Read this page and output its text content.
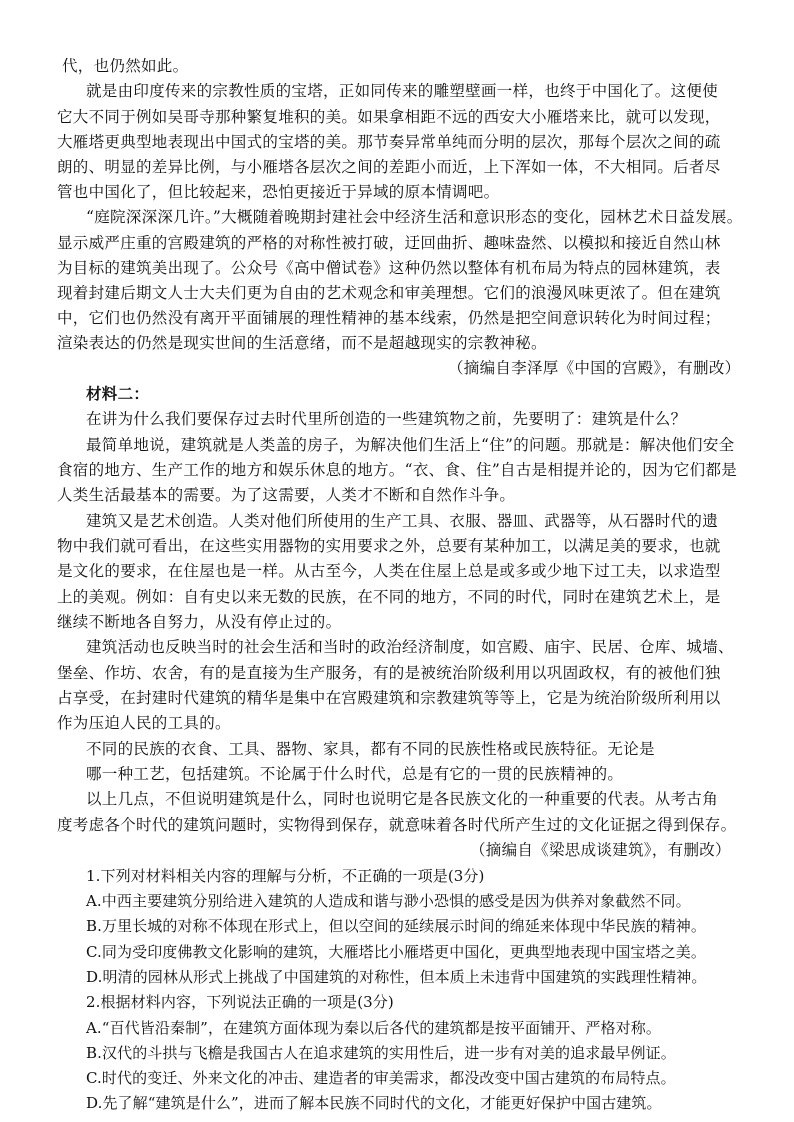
代，也仍然如此。
就是由印度传来的宗教性质的宝塔，正如同传来的雕塑壁画一样，也终于中国化了。这便使
它大不同于例如吴哥寺那种繁复堆积的美。如果拿相距不远的西安大小雁塔来比，就可以发现，
大雁塔更典型地表现出中国式的宝塔的美。那节奏异常单纯而分明的层次，那每个层次之间的疏
朗的、明显的差异比例，与小雁塔各层次之间的差距小而近，上下浑如一体，不大相同。后者尽
管也中国化了，但比较起来，恐怕更接近于异域的原本情调吧。
“庭院深深深几许。”大概随着晚期封建社会中经济生活和意识形态的变化，园林艺术日益发展。
显示威严庄重的宫殿建筑的严格的对称性被打破，迂回曲折、趣味盎然、以模拟和接近自然山林
为目标的建筑美出现了。公众号《高中僧试卷》这种仍然以整体有机布局为特点的园林建筑，表
现着封建后期文人士大夫们更为自由的艺术观念和审美理想。它们的浪漫风味更浓了。但在建筑
中，它们也仍然没有离开平面铺展的理性精神的基本线索，仍然是把空间意识转化为时间过程；
渲染表达的仍然是现实世间的生活意绪，而不是超越现实的宗教神秘。
（摘编自李泽厚《中国的宫殿》，有删改）
材料二：
在讲为什么我们要保存过去时代里所创造的一些建筑物之前，先要明了：建筑是什么？
最简单地说，建筑就是人类盖的房子，为解决他们生活上“住”的问题。那就是：解决他们安全
食宿的地方、生产工作的地方和娱乐休息的地方。“衣、食、住”自古是相提并论的，因为它们都是
人类生活最基本的需要。为了这需要，人类才不断和自然作斗争。
建筑又是艺术创造。人类对他们所使用的生产工具、衣服、器皿、武器等，从石器时代的遗
物中我们就可看出，在这些实用器物的实用要求之外，总要有某种加工，以满足美的要求，也就
是文化的要求，在住屋也是一样。从古至今，人类在住屋上总是或多或少地下过工夫，以求造型
上的美观。例如：自有史以来无数的民族，在不同的地方，不同的时代，同时在建筑艺术上，是
继续不断地各自努力，从没有停止过的。
建筑活动也反映当时的社会生活和当时的政治经济制度，如宫殿、庙宇、民居、仓库、城墙、
堡垒、作坊、农舍，有的是直接为生产服务，有的是被统治阶级利用以巩固政权，有的被他们独
占享受，在封建时代建筑的精华是集中在宫殿建筑和宗教建筑等等上，它是为统治阶级所利用以
作为压迫人民的工具的。
不同的民族的衣食、工具、器物、家具，都有不同的民族性格或民族特征。无论是
哪一种工艺，包括建筑。不论属于什么时代，总是有它的一贯的民族精神的。
以上几点，不但说明建筑是什么，同时也说明它是各民族文化的一种重要的代表。从考古角
度考虑各个时代的建筑问题时，实物得到保存，就意味着各时代所产生过的文化证据之得到保存。
（摘编自《梁思成谈建筑》，有删改）
1.下列对材料相关内容的理解与分析，不正确的一项是(3分)
A.中西主要建筑分别给进入建筑的人造成和谐与渺小恐惧的感受是因为供养对象截然不同。
B.万里长城的对称不体现在形式上，但以空间的延续展示时间的绵延来体现中华民族的精神。
C.同为受印度佛教文化影响的建筑，大雁塔比小雁塔更中国化，更典型地表现中国宝塔之美。
D.明清的园林从形式上挑战了中国建筑的对称性，但本质上未违背中国建筑的实践理性精神。
2.根据材料内容，下列说法正确的一项是(3分)
A.“百代皆沿秦制”，在建筑方面体现为秦以后各代的建筑都是按平面铺开、严格对称。
B.汉代的斗拱与飞檐是我国古人在追求建筑的实用性后，进一步有对美的追求最早例证。
C.时代的变迁、外来文化的冲击、建造者的审美需求，都没改变中国古建筑的布局特点。
D.先了解“建筑是什么”，进而了解本民族不同时代的文化，才能更好保护中国古建筑。
